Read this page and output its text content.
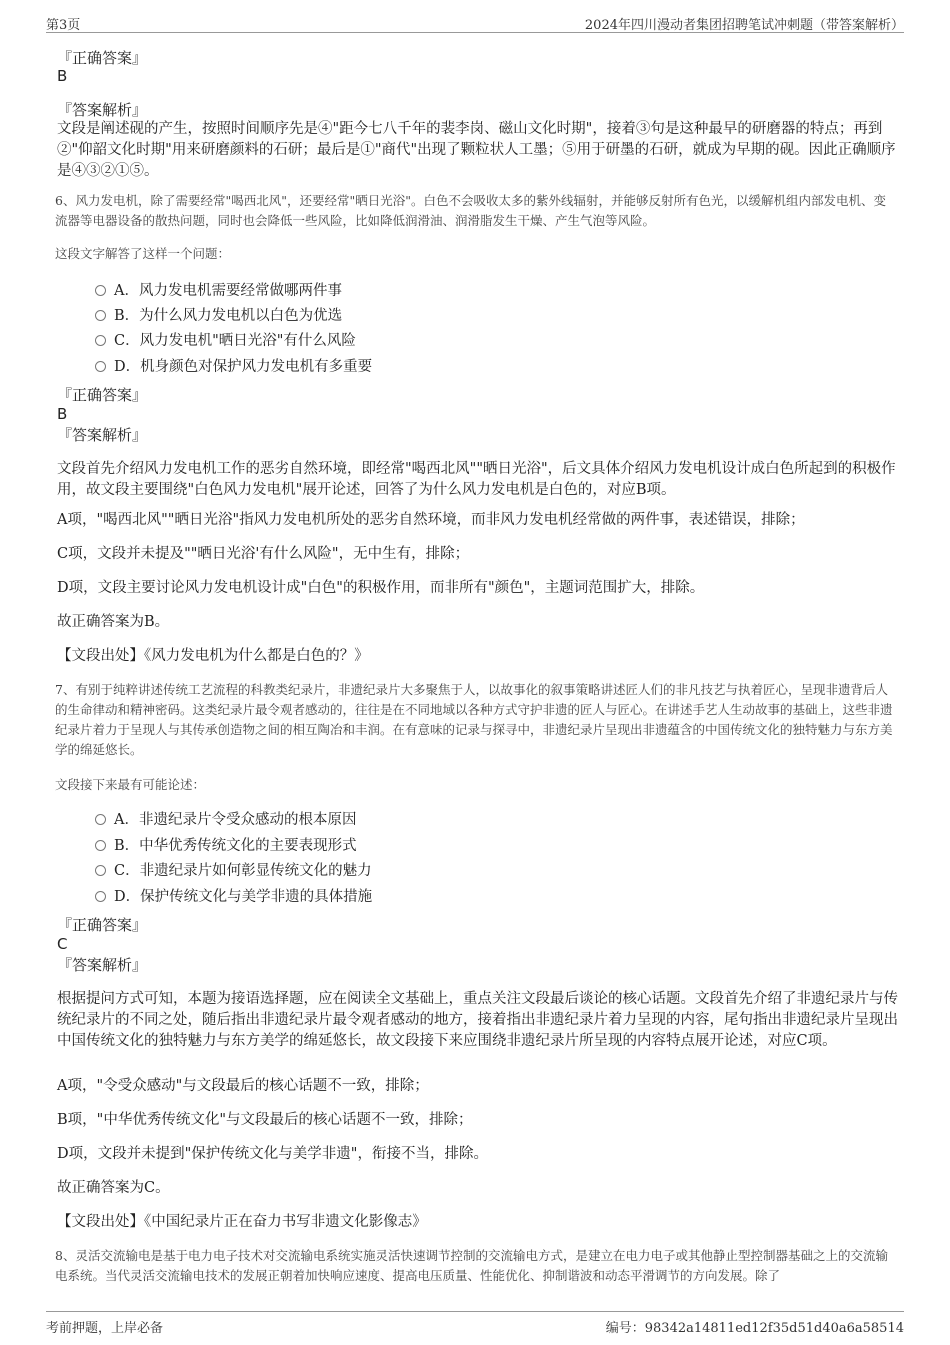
第3页	2024年四川漫动者集团招聘笔试冲刺题（带答案解析）
『正确答案』
B
『答案解析』
文段是阐述砚的产生，按照时间顺序先是④"距今七八千年的裴李岗、磁山文化时期"，接着③句是这种最早的研磨器的特点；再到②"仰韶文化时期"用来研磨颜料的石研；最后是①"商代"出现了颗粒状人工墨；⑤用于研墨的石研，就成为早期的砚。因此正确顺序是④③②①⑤。
6、风力发电机，除了需要经常"喝西北风"，还要经常"晒日光浴"。白色不会吸收太多的紫外线辐射，并能够反射所有色光，以缓解机组内部发电机、变流器等电器设备的散热问题，同时也会降低一些风险，比如降低润滑油、润滑脂发生干燥、产生气泡等风险。
这段文字解答了这样一个问题：
A．风力发电机需要经常做哪两件事
B．为什么风力发电机以白色为优选
C．风力发电机"晒日光浴"有什么风险
D．机身颜色对保护风力发电机有多重要
『正确答案』
B
『答案解析』
文段首先介绍风力发电机工作的恶劣自然环境，即经常"喝西北风""晒日光浴"，后文具体介绍风力发电机设计成白色所起到的积极作用，故文段主要围绕"白色风力发电机"展开论述，回答了为什么风力发电机是白色的，对应B项。
A项，"喝西北风""晒日光浴"指风力发电机所处的恶劣自然环境，而非风力发电机经常做的两件事，表述错误，排除；
C项，文段并未提及""晒日光浴'有什么风险"，无中生有，排除；
D项，文段主要讨论风力发电机设计成"白色"的积极作用，而非所有"颜色"，主题词范围扩大，排除。
故正确答案为B。
【文段出处】《风力发电机为什么都是白色的？》
7、有别于纯粹讲述传统工艺流程的科教类纪录片，非遗纪录片大多聚焦于人，以故事化的叙事策略讲述匠人们的非凡技艺与执着匠心，呈现非遗背后人的生命律动和精神密码。这类纪录片最令观者感动的，往往是在不同地域以各种方式守护非遗的匠人与匠心。在讲述手艺人生动故事的基础上，这些非遗纪录片着力于呈现人与其传承创造物之间的相互陶冶和丰润。在有意味的记录与探寻中，非遗纪录片呈现出非遗蕴含的中国传统文化的独特魅力与东方美学的绵延悠长。
文段接下来最有可能论述：
A．非遗纪录片令受众感动的根本原因
B．中华优秀传统文化的主要表现形式
C．非遗纪录片如何彰显传统文化的魅力
D．保护传统文化与美学非遗的具体措施
『正确答案』
C
『答案解析』
根据提问方式可知，本题为接语选择题，应在阅读全文基础上，重点关注文段最后谈论的核心话题。文段首先介绍了非遗纪录片与传统纪录片的不同之处，随后指出非遗纪录片最令观者感动的地方，接着指出非遗纪录片着力呈现的内容，尾句指出非遗纪录片呈现出中国传统文化的独特魅力与东方美学的绵延悠长，故文段接下来应围绕非遗纪录片所呈现的内容特点展开论述，对应C项。
A项，"令受众感动"与文段最后的核心话题不一致，排除；
B项，"中华优秀传统文化"与文段最后的核心话题不一致，排除；
D项，文段并未提到"保护传统文化与美学非遗"，衔接不当，排除。
故正确答案为C。
【文段出处】《中国纪录片正在奋力书写非遗文化影像志》
8、灵活交流输电是基于电力电子技术对交流输电系统实施灵活快速调节控制的交流输电方式，是建立在电力电子或其他静止型控制器基础之上的交流输电系统。当代灵活交流输电技术的发展正朝着加快响应速度、提高电压质量、性能优化、抑制谐波和动态平滑调节的方向发展。除了
考前押题，上岸必备	编号：98342a14811ed12f35d51d40a6a58514
